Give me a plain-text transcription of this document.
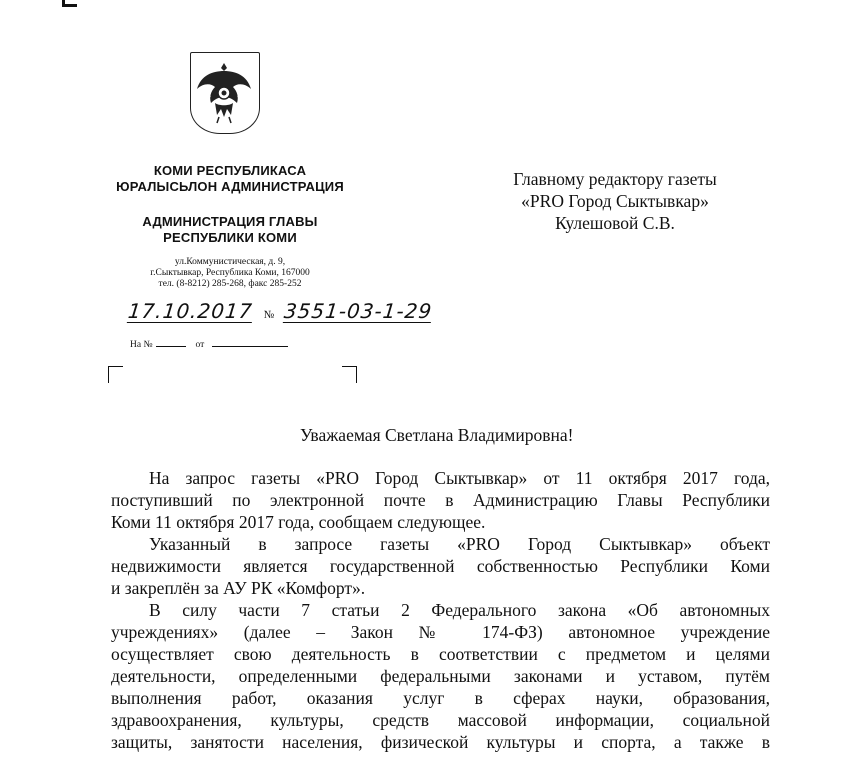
КОМИ РЕСПУБЛИКАСА
ЮРАЛЫСЬЛОН АДМИНИСТРАЦИЯ
АДМИНИСТРАЦИЯ ГЛАВЫ
РЕСПУБЛИКИ КОМИ
ул.Коммунистическая, д. 9,
г.Сыктывкар, Республика Коми, 167000
тел. (8-8212) 285-268, факс 285-252
17.10.2017 № 3551-03-1-29
На №	от
Главному редактору газеты
«PRO Город Сыктывкар»
Кулешовой С.В.
Уважаемая Светлана Владимировна!
На запрос газеты «PRO Город Сыктывкар» от 11 октября 2017 года,
поступивший по электронной почте в Администрацию Главы Республики
Коми 11 октября 2017 года, сообщаем следующее.
Указанный в запросе газеты «PRO Город Сыктывкар» объект
недвижимости является государственной собственностью Республики Коми
и закреплён за АУ РК «Комфорт».
В силу части 7 статьи 2 Федерального закона «Об автономных
учреждениях» (далее – Закон № 174-ФЗ) автономное учреждение
осуществляет свою деятельность в соответствии с предметом и целями
деятельности, определенными федеральными законами и уставом, путём
выполнения работ, оказания услуг в сферах науки, образования,
здравоохранения, культуры, средств массовой информации, социальной
защиты, занятости населения, физической культуры и спорта, а также в
